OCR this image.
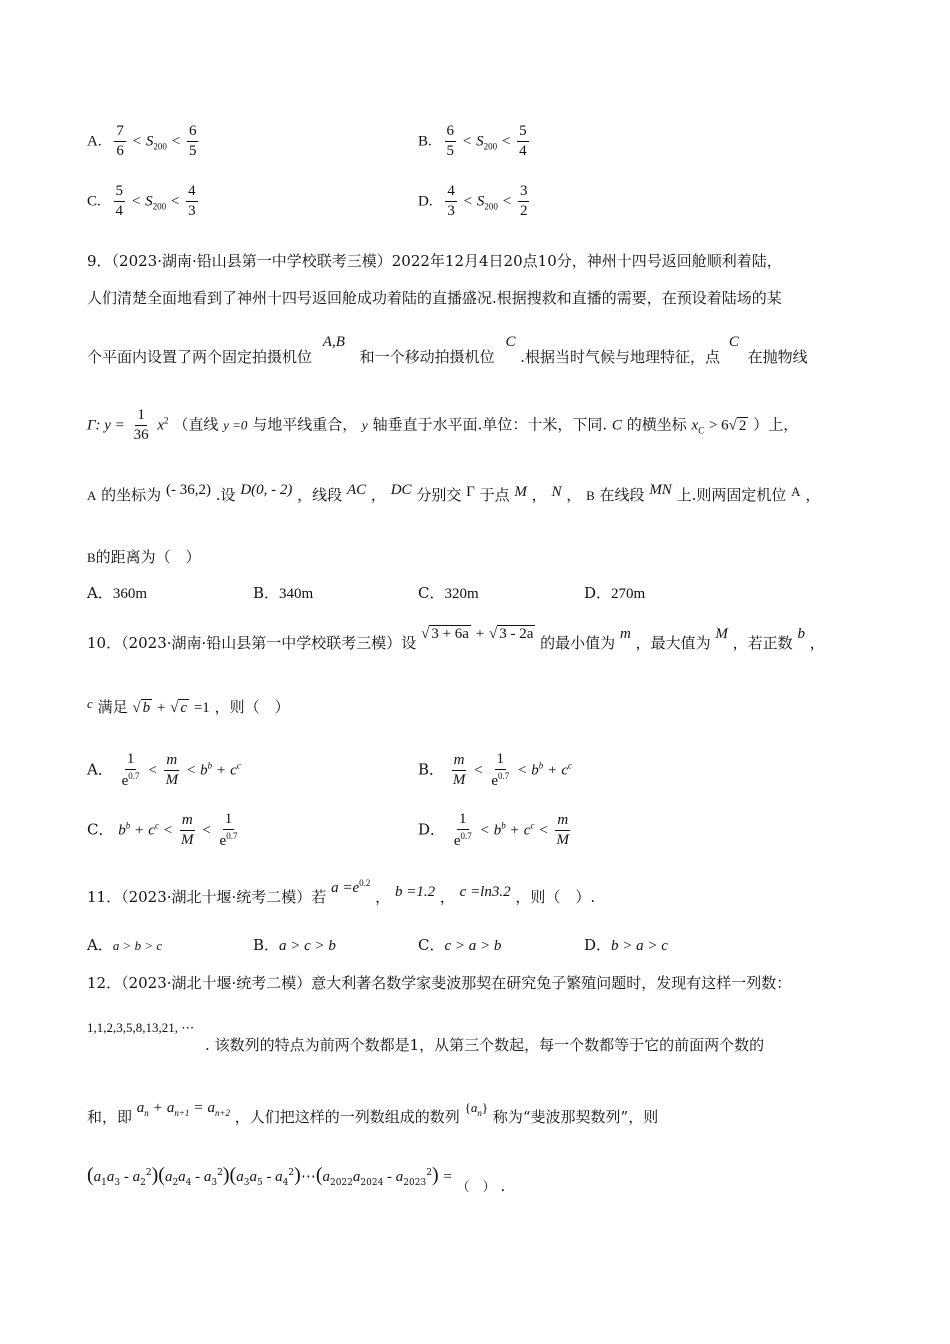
A. $\frac{7}{6} < S_{200} < \frac{6}{5}$	B. $\frac{6}{5} < S_{200} < \frac{5}{4}$
C. $\frac{5}{4} < S_{200} < \frac{4}{3}$	D. $\frac{4}{3} < S_{200} < \frac{3}{2}$
9．（2023·湖南·铅山县第一中学校联考三模）2022年12月4日20点10分，神州十四号返回舱顺利着陆，
人们清楚全面地看到了神州十四号返回舱成功着陆的直播盛况.根据搜救和直播的需要，在预设着陆场的某
个平面内设置了两个固定拍摄机位 A,B 和一个移动拍摄机位 C .根据当时气候与地理特征，点 C 在抛物线
Γ: $y = \frac{1}{36} x^2$ （直线 y =0 与地平线重合， y 轴垂直于水平面.单位：十米，下同. C 的横坐标 $x_C > 6√$ 2 ）上，
A 的坐标为 (- 36,2) .设 D(0, - 2) ，线段 AC ， DC 分别交 Γ 于点 M ， N ， B 在线段 MN 上.则两固定机位 A ，
B的距离为（　）
A．360m	B．340m	C．320m	D．270m
10．（2023·湖南·铅山县第一中学校联考三模）设 √ 3 + 6a + √ 3 - 2a 的最小值为 m ，最大值为 M ，若正数 b ，
c 满足 √ b + √ c =1 ，则（　）
A． $\frac{1}{e^{0.7}} < \frac{m}{M} < b^b + c^c$	B． $\frac{m}{M} < \frac{1}{e^{0.7}} < b^b + c^c$
C． $b^b + c^c < \frac{m}{M} < \frac{1}{e^{0.7}}$	D． $\frac{1}{e^{0.7}} < b^b + c^c < \frac{m}{M}$
11．（2023·湖北十堰·统考二模）若 $a =e^{0.2}$ ， b =1.2 ， c =ln3.2 ，则（　）.
A．a > b > c	B．a > c > b	C．c > a > b	D．b > a > c
12．（2023·湖北十堰·统考二模）意大利著名数学家斐波那契在研究兔子繁殖问题时，发现有这样一列数：
1,1,2,3,5,8,13,21, ⋯ . 该数列的特点为前两个数都是1，从第三个数起，每一个数都等于它的前面两个数的
和，即 $a_n + a_{n+1} = a_{n+2}$ ，人们把这样的一列数组成的数列 $\{a_n\}$ 称为“斐波那契数列”，则
$(a_1a_3 - a_2^2)(a_2a_4 - a_3^2)(a_3a_5$ - $a_4^2)\cdots(a_{2022}a_{2024} - a_{2023}^2)$ = （　） .
